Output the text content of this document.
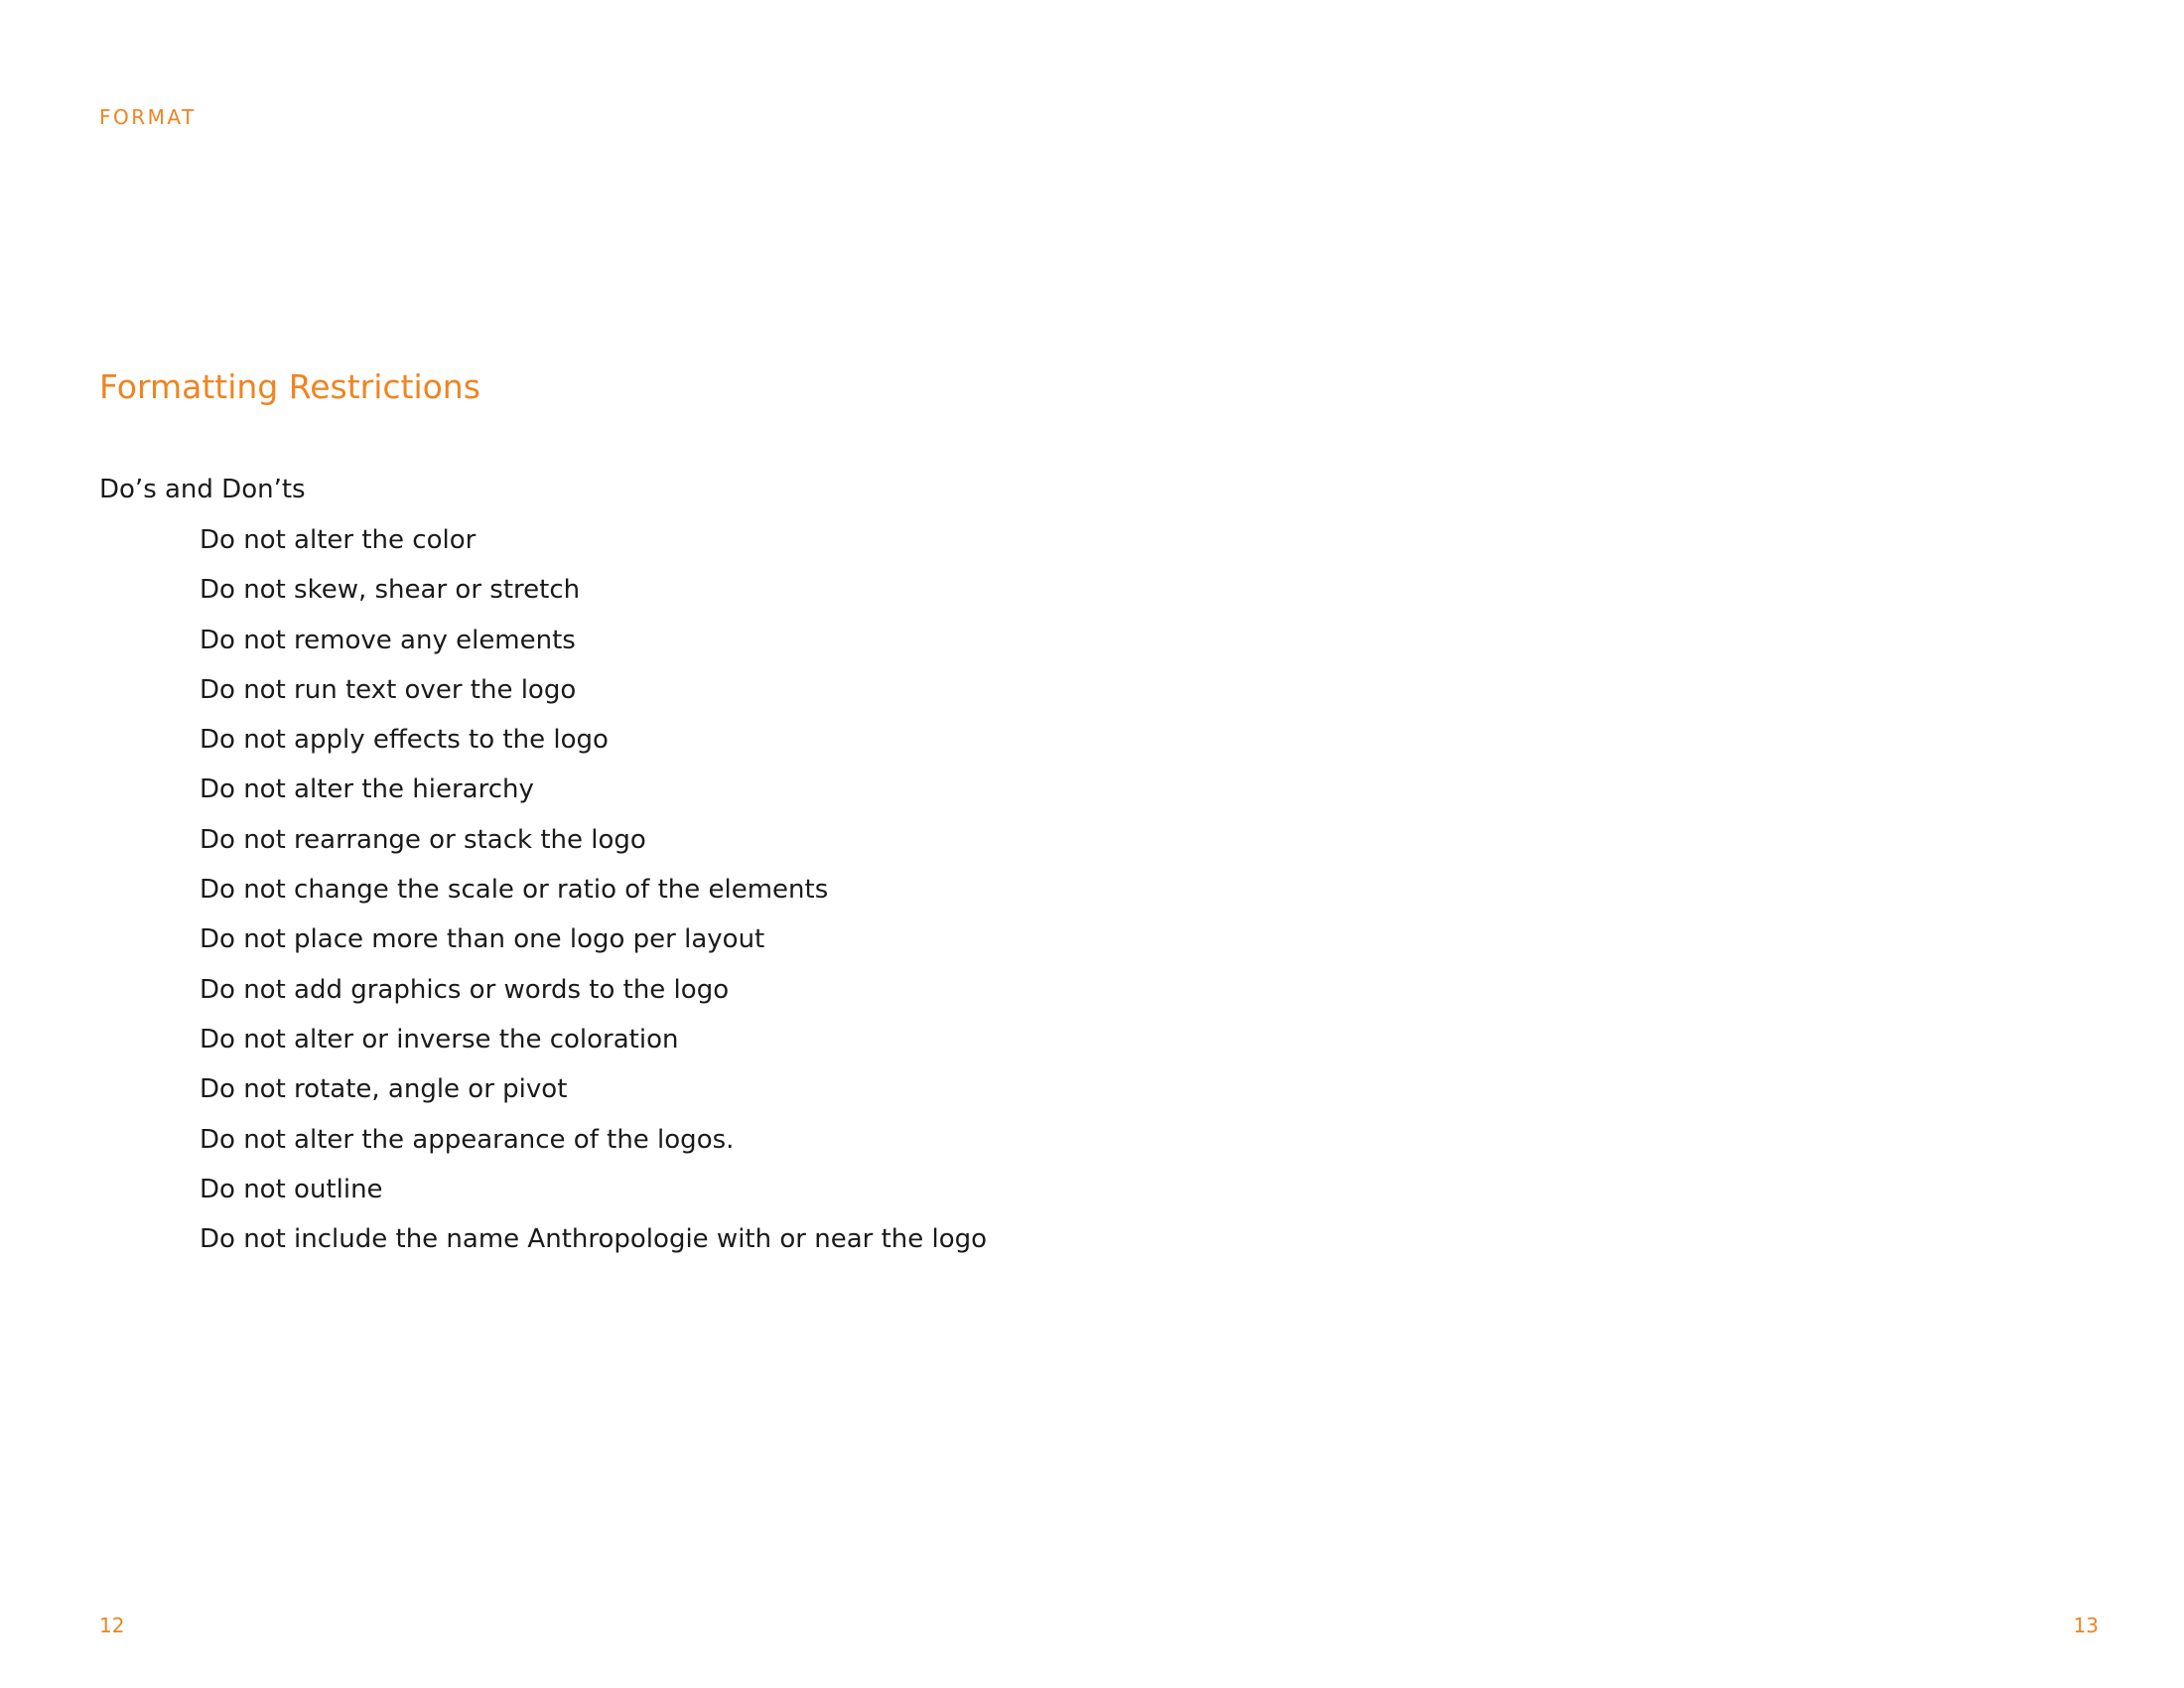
FORMAT
Formatting Restrictions
Do’s and Don’ts
Do not alter the color
Do not skew, shear or stretch
Do not remove any elements
Do not run text over the logo
Do not apply effects to the logo
Do not alter the hierarchy
Do not rearrange or stack the logo
Do not change the scale or ratio of the elements
Do not place more than one logo per layout
Do not add graphics or words to the logo
Do not alter or inverse the coloration
Do not rotate, angle or pivot
Do not alter the appearance of the logos.
Do not outline
Do not include the name Anthropologie with or near the logo
12	13
